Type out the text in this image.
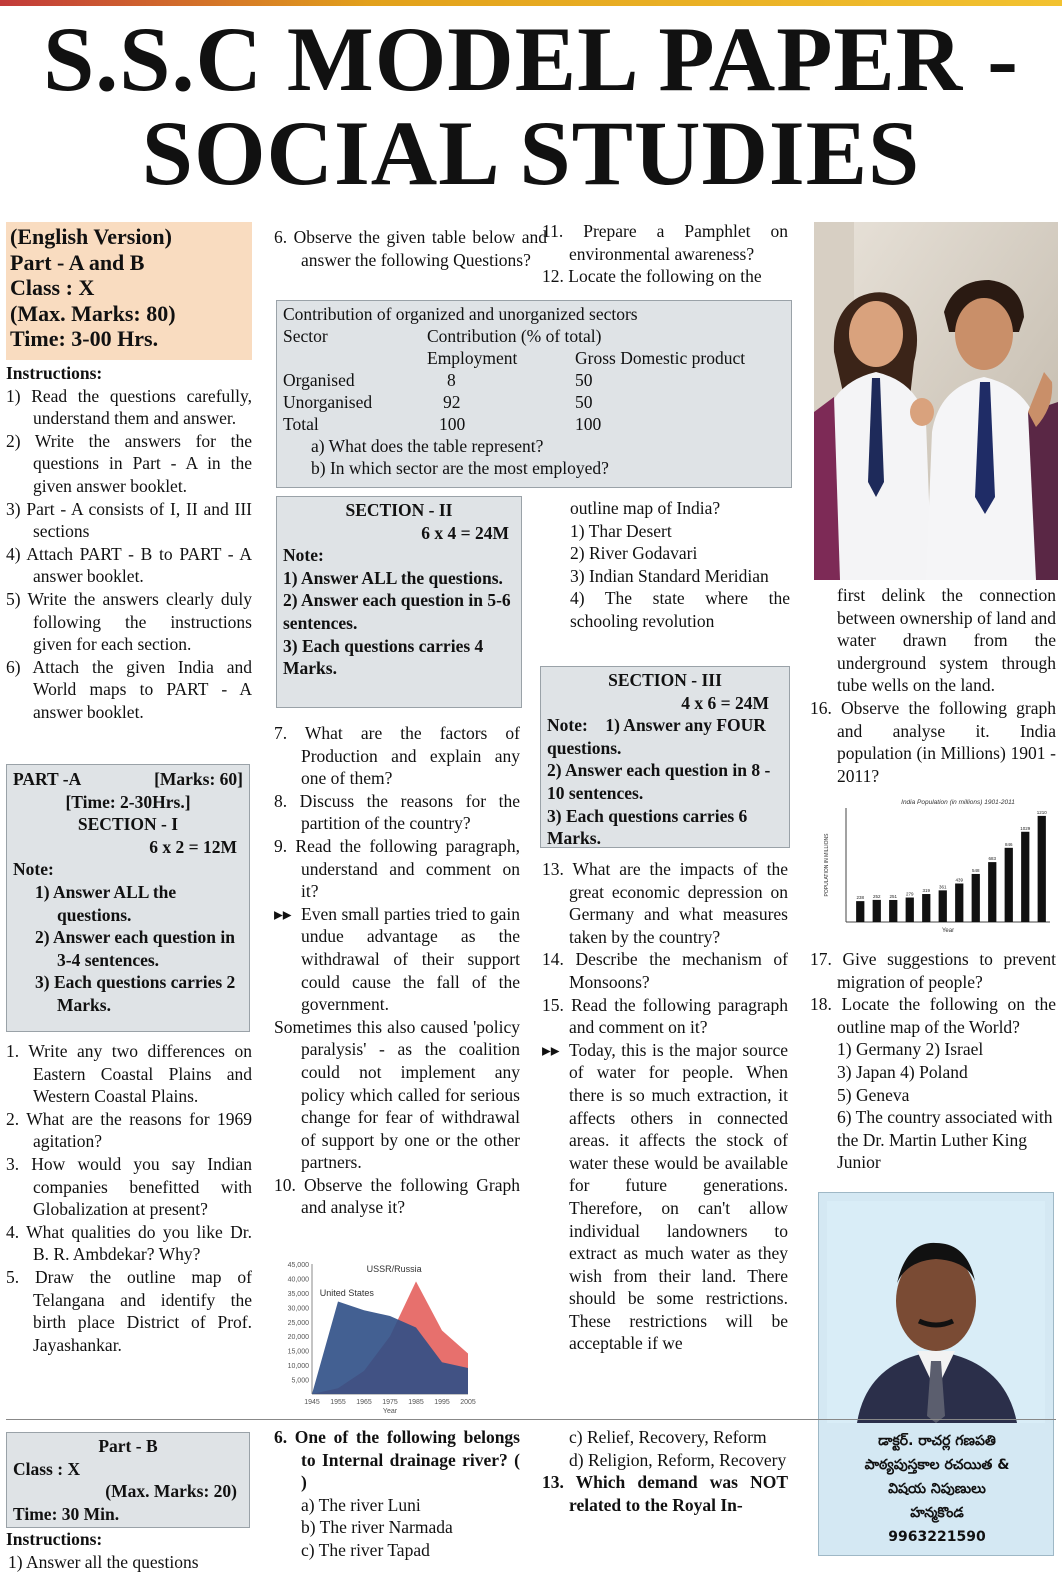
S.S.C MODEL PAPER - SOCIAL STUDIES
(English Version)
Part - A and B
Class : X
(Max. Marks: 80)
Time: 3-00 Hrs.
Instructions:
1) Read the questions carefully, understand them and answer.
2) Write the answers for the questions in Part - A in the given answer booklet.
3) Part - A consists of I, II and III sections
4) Attach PART - B to PART - A answer booklet.
5) Write the answers clearly duly following the instructions given for each section.
6) Attach the given India and World maps to PART - A answer booklet.
PART -A	[Marks: 60]
[Time: 2-30Hrs.]
SECTION - I
6 x 2 = 12M
Note:
1) Answer ALL the questions.
2) Answer each question in 3-4 sentences.
3) Each questions carries 2 Marks.
1. Write any two differences on Eastern Coastal Plains and Western Coastal Plains.
2. What are the reasons for 1969 agitation?
3. How would you say Indian companies benefitted with Globalization at present?
4. What qualities do you like Dr. B. R. Ambdekar? Why?
5. Draw the outline map of Telangana and identify the birth place District of Prof. Jayashankar.
6. Observe the given table below and answer the following Questions?
11. Prepare a Pamphlet on environmental awareness?
12. Locate the following on the
Contribution of organized and unorganized sectors
Sector	Contribution (% of total)	
	Employment	Gross Domestic product
Organised	8	50
Unorganised	92	50
Total	100	100
a) What does the table represent?
b) In which sector are the most employed?
SECTION - II
6 x 4 = 24M
Note:
1) Answer ALL the questions.
2) Answer each question in 5-6 sentences.
3) Each questions carries 4 Marks.
7. What are the factors of Production and explain any one of them?
8. Discuss the reasons for the partition of the country?
9. Read the following paragraph, understand and comment on it?
▸▸ Even small parties tried to gain undue advantage as the withdrawal of their support could cause the fall of the government.
Sometimes this also caused 'policy paralysis' - as the coalition could not implement any policy which called for serious change for fear of withdrawal of support by one or the other partners.
10. Observe the following Graph and analyse it?
45,000
40,000
35,000
30,000
25,000
20,000
15,000
10,000
5,000
1945 1955 1965 1975 1985 1995 2005
Year
USSR/Russia
United States
outline map of India?
1) Thar Desert
2) River Godavari
3) Indian Standard Meridian
4) The state where the schooling revolution
SECTION - III
4 x 6 = 24M
Note: 1) Answer any FOUR questions.
2) Answer each question in 8 - 10 sentences.
3) Each questions carries 6 Marks.
13. What are the impacts of the great economic depression on Germany and what measures taken by the country?
14. Describe the mechanism of Monsoons?
15. Read the following paragraph and comment on it?
▸▸ Today, this is the major source of water for people. When there is so much extraction, it affects others in connected areas. it affects the stock of water these would be available for future generations. Therefore, on can't allow individual landowners to extract as much water as they wish from their land. There should be some restrictions. These restrictions will be acceptable if we
first delink the connection between ownership of land and water drawn from the underground system through tube wells on the land.
16. Observe the following graph and analyse it. India population (in Millions) 1901 - 2011?
India Population (in millions) 1901-2011
POPULATION IN MILLIONS
Year
238 252 251 279
319
361
439
548
683
846
1029
1210
17. Give suggestions to prevent migration of people?
18. Locate the following on the outline map of the World?
1) Germany 2) Israel
3) Japan 4) Poland
5) Geneva
6) The country associated with the Dr. Martin Luther King Junior
డాక్టర్. రాచర్ల గణపతి
పాఠ్యపుస్తకాల రచయిత &
విషయ నిపుణులు
హన్మకొండ
9963221590
Part - B
Class : X
(Max. Marks: 20)
Time: 30 Min.
Instructions:
1) Answer all the questions
6. One of the following belongs to Internal drainage river? ( )
a) The river Luni
b) The river Narmada
c) The river Tapad
c) Relief, Recovery, Reform
d) Religion, Reform, Recovery
13. Which demand was NOT related to the Royal In-
